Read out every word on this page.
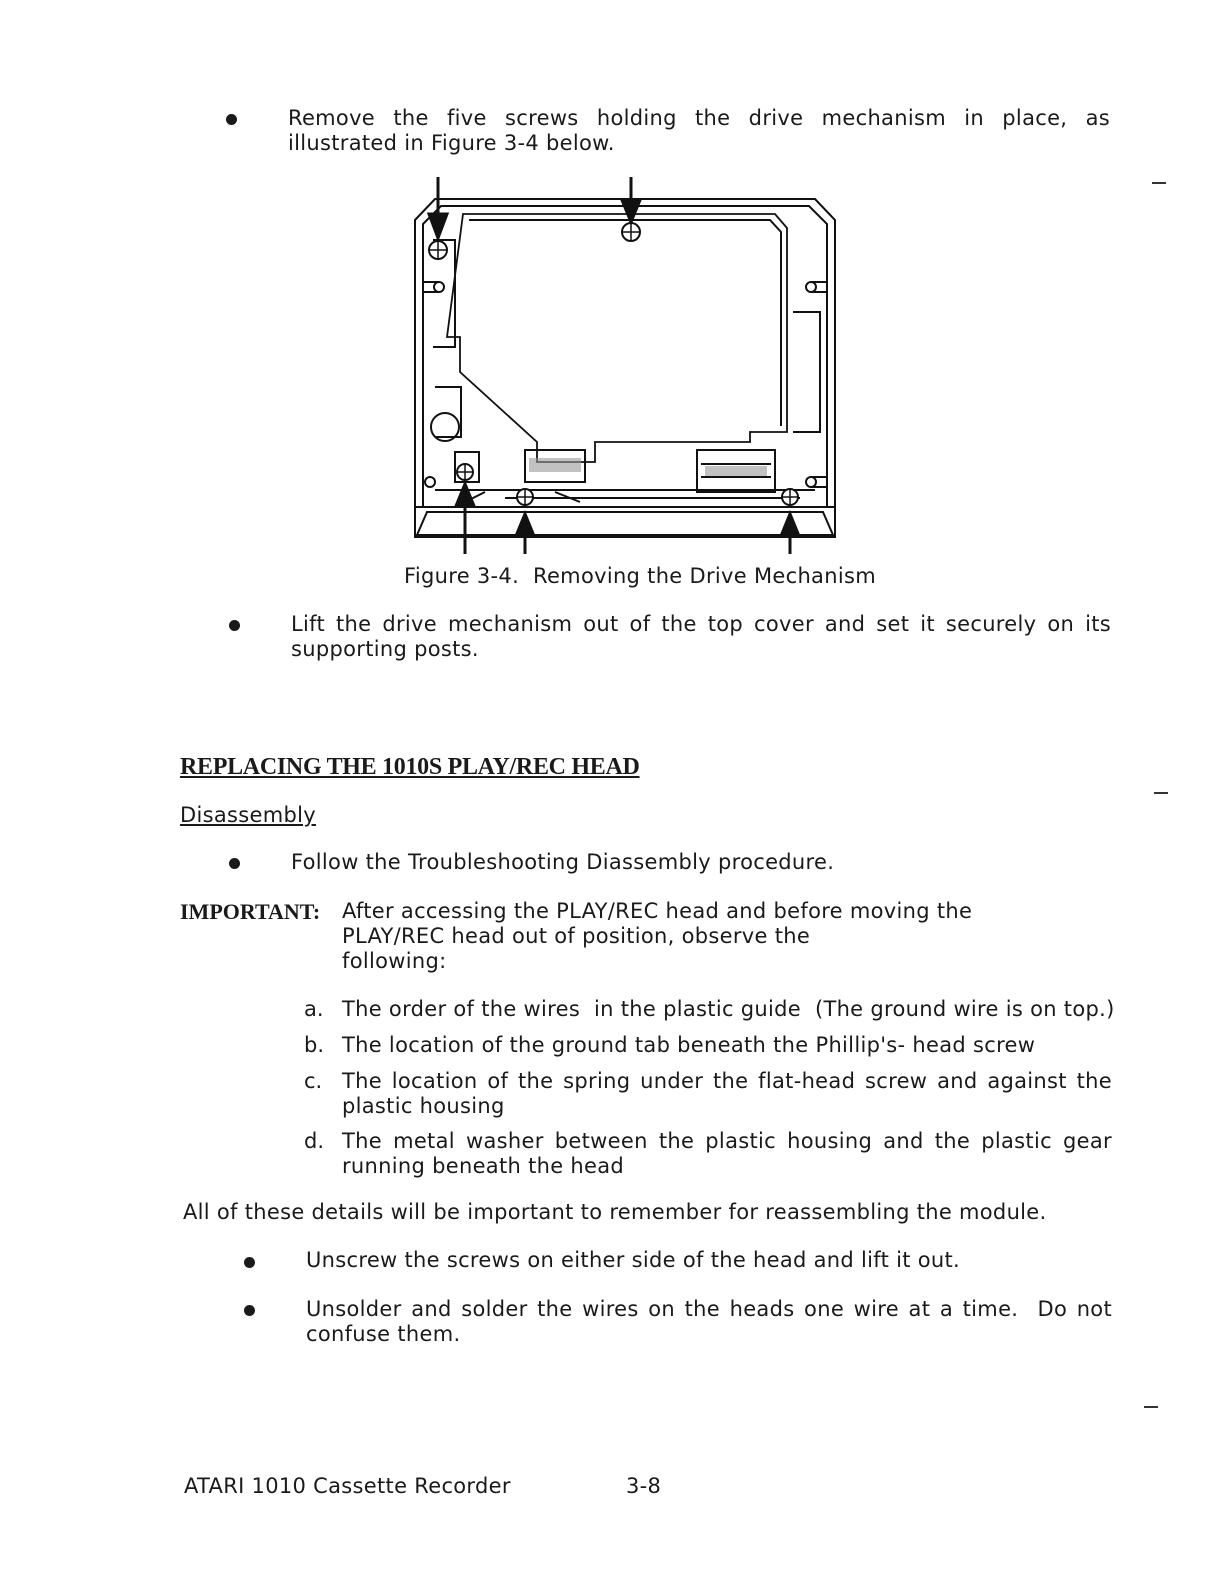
Remove the five screws holding the drive mechanism in place, as illustrated in Figure 3-4 below.
Figure 3-4.  Removing the Drive Mechanism
Lift the drive mechanism out of the top cover and set it securely on its supporting posts.
REPLACING THE 1010S PLAY/REC HEAD
Disassembly
Follow the Troubleshooting Diassembly procedure.
IMPORTANT: After accessing the PLAY/REC head and before moving the
PLAY/REC head out of position, observe the
following:
a. The order of the wires  in the plastic guide  (The ground wire is on top.)
b. The location of the ground tab beneath the Phillip's- head screw
c. The location of the spring under the flat-head screw and against the plastic housing
d. The metal washer between the plastic housing and the plastic gear running beneath the head
All of these details will be important to remember for reassembling the module.
Unscrew the screws on either side of the head and lift it out.
Unsolder and solder the wires on the heads one wire at a time.  Do not confuse them.
ATARI 1010 Cassette Recorder	3-8
